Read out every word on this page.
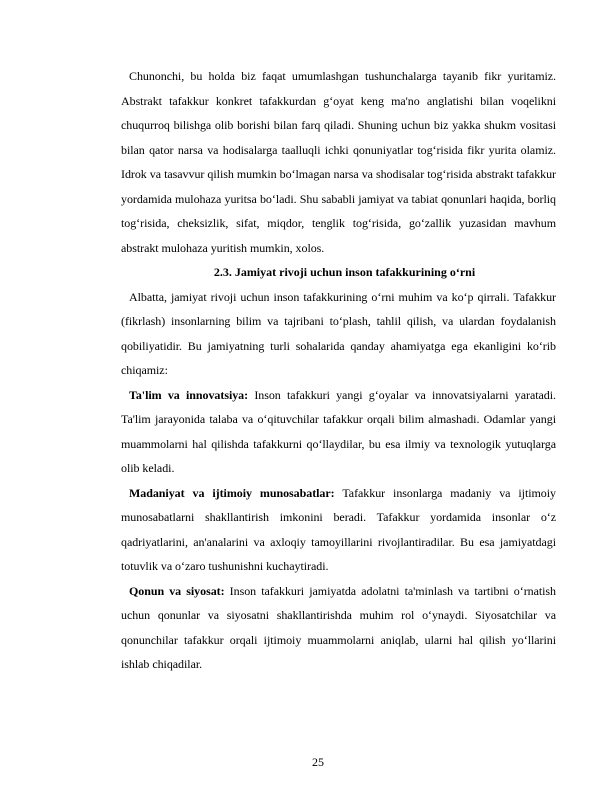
Chunonchi, bu holda biz faqat umumlashgan tushunchalarga tayanib fikr yuritamiz. Abstrakt tafakkur konkret tafakkurdan g‘oyat keng ma'no anglatishi bilan voqelikni chuqurroq bilishga olib borishi bilan farq qiladi. Shuning uchun biz yakka shukm vositasi bilan qator narsa va hodisalarga taalluqli ichki qonuniyatlar tog‘risida fikr yurita olamiz. Idrok va tasavvur qilish mumkin bo‘lmagan narsa va shodisalar tog‘risida abstrakt tafakkur yordamida mulohaza yuritsa bo‘ladi. Shu sababli jamiyat va tabiat qonunlari haqida, borliq tog‘risida, cheksizlik, sifat, miqdor, tenglik tog‘risida, go‘zallik yuzasidan mavhum abstrakt mulohaza yuritish mumkin, xolos.

2.3. Jamiyat rivoji uchun inson tafakkurining o‘rni

Albatta, jamiyat rivoji uchun inson tafakkurining o‘rni muhim va ko‘p qirrali. Tafakkur (fikrlash) insonlarning bilim va tajribani to‘plash, tahlil qilish, va ulardan foydalanish qobiliyatidir. Bu jamiyatning turli sohalarida qanday ahamiyatga ega ekanligini ko‘rib chiqamiz:

Ta'lim va innovatsiya: Inson tafakkuri yangi g‘oyalar va innovatsiyalarni yaratadi. Ta'lim jarayonida talaba va o‘qituvchilar tafakkur orqali bilim almashadi. Odamlar yangi muammolarni hal qilishda tafakkurni qo‘llaydilar, bu esa ilmiy va texnologik yutuqlarga olib keladi.

Madaniyat va ijtimoiy munosabatlar: Tafakkur insonlarga madaniy va ijtimoiy munosabatlarni shakllantirish imkonini beradi. Tafakkur yordamida insonlar o‘z qadriyatlarini, an'analarini va axloqiy tamoyillarini rivojlantiradilar. Bu esa jamiyatdagi totuvlik va o‘zaro tushunishni kuchaytiradi.

Qonun va siyosat: Inson tafakkuri jamiyatda adolatni ta'minlash va tartibni o‘rnatish uchun qonunlar va siyosatni shakllantirishda muhim rol o‘ynaydi. Siyosatchilar va qonunchilar tafakkur orqali ijtimoiy muammolarni aniqlab, ularni hal qilish yo‘llarini ishlab chiqadilar.

25
